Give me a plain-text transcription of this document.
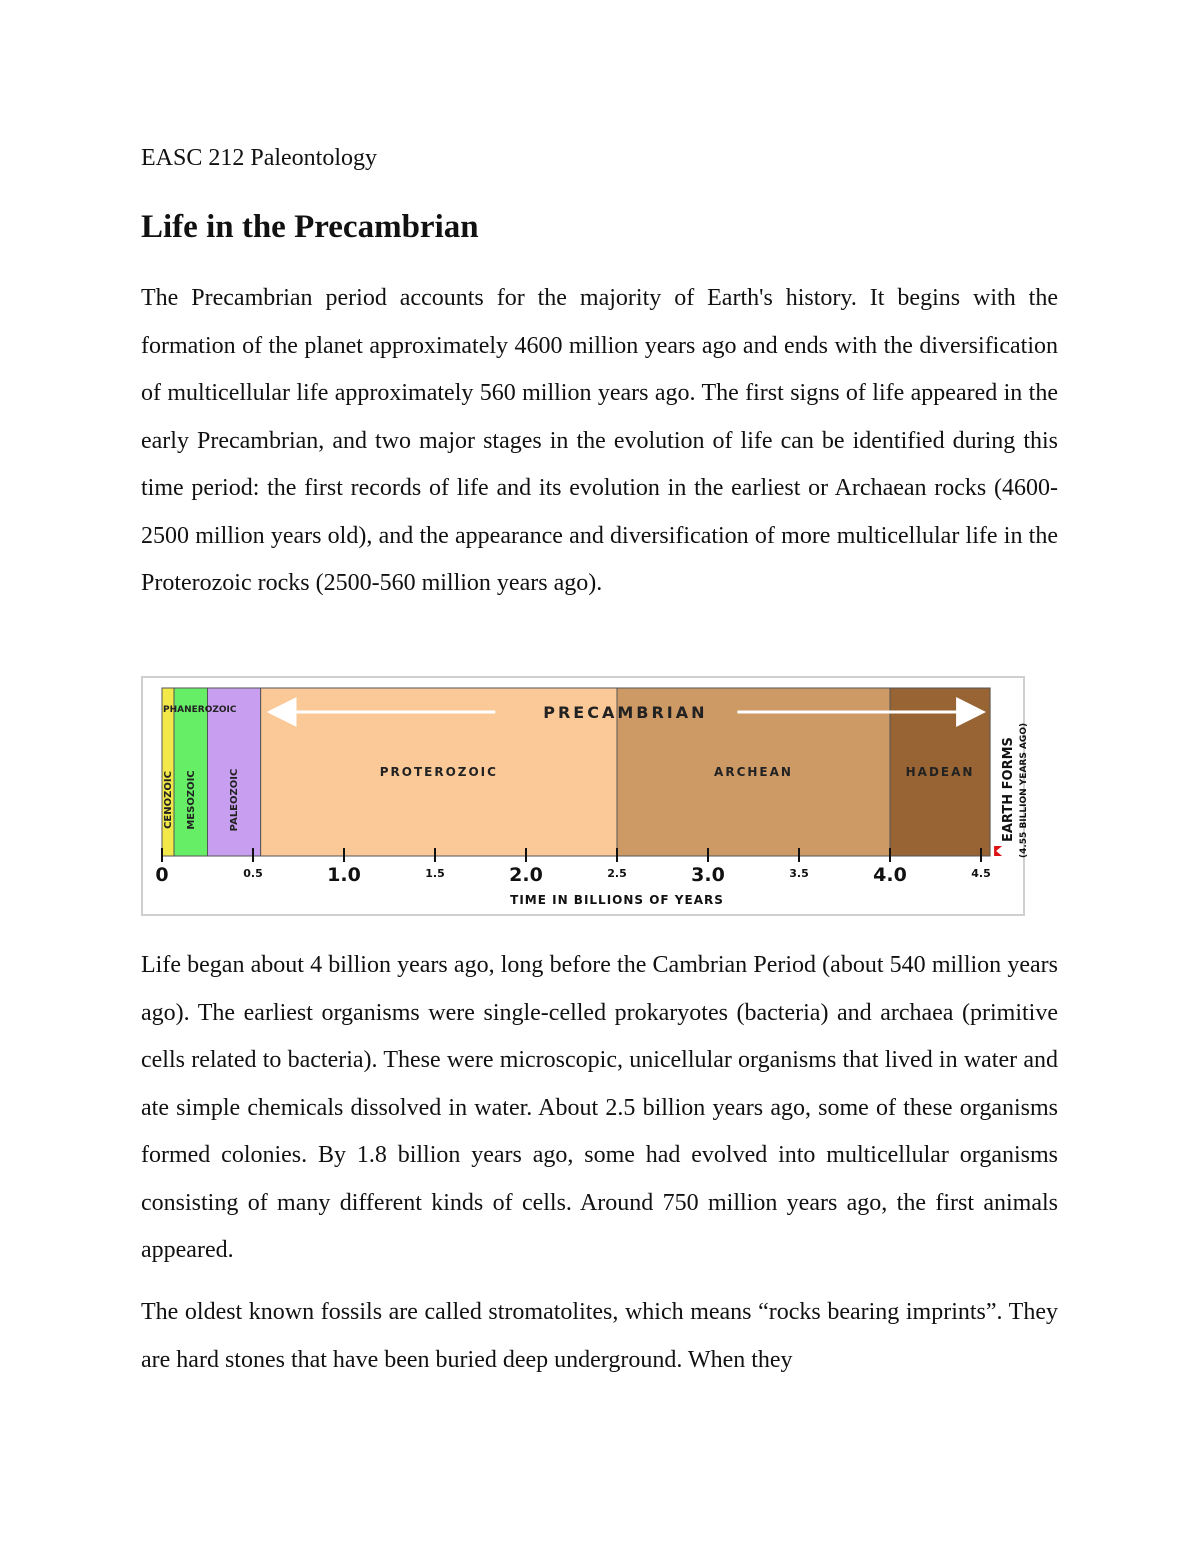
EASC 212 Paleontology
Life in the Precambrian

The Precambrian period accounts for the majority of Earth's history. It begins with the formation of the planet approximately 4600 million years ago and ends with the diversification of multicellular life approximately 560 million years ago. The first signs of life appeared in the early Precambrian, and two major stages in the evolution of life can be identified during this time period: the first records of life and its evolution in the earliest or Archaean rocks (4600-2500 million years old), and the appearance and diversification of more multicellular life in the Proterozoic rocks (2500-560 million years ago).

CENOZOIC MESOZOIC	PALEOZOIC	PROTEROZOIC	ARCHEAN	HADEAN
PRECAMBRIAN
PHANEROZOIC
0	0.5	1.0	1.5	2.0	2.5	3.0	3.5	4.0	4.5
TIME IN BILLIONS OF YEARS
EARTH FORMS (4.55 BILLION YEARS AGO)

Life began about 4 billion years ago, long before the Cambrian Period (about 540 million years ago). The earliest organisms were single-celled prokaryotes (bacteria) and archaea (primitive cells related to bacteria). These were microscopic, unicellular organisms that lived in water and ate simple chemicals dissolved in water. About 2.5 billion years ago, some of these organisms formed colonies. By 1.8 billion years ago, some had evolved into multicellular organisms consisting of many different kinds of cells. Around 750 million years ago, the first animals appeared.

The oldest known fossils are called stromatolites, which means “rocks bearing imprints”. They are hard stones that have been buried deep underground. When they
